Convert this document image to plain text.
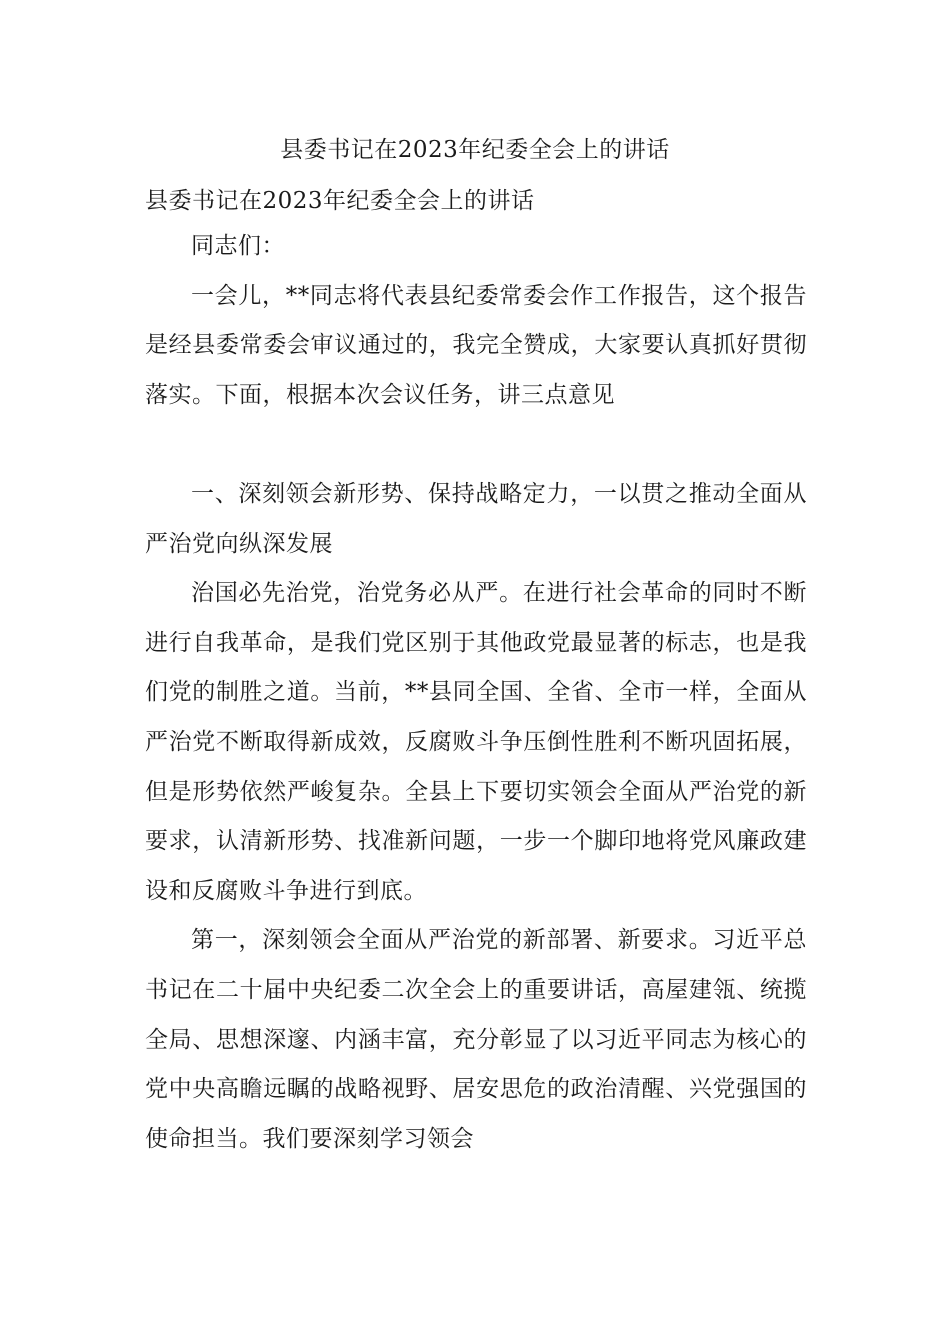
县委书记在2023年纪委全会上的讲话

县委书记在2023年纪委全会上的讲话

同志们：

一会儿，**同志将代表县纪委常委会作工作报告，这个报告是经县委常委会审议通过的，我完全赞成，大家要认真抓好贯彻落实。下面，根据本次会议任务，讲三点意见

一、深刻领会新形势、保持战略定力，一以贯之推动全面从严治党向纵深发展

治国必先治党，治党务必从严。在进行社会革命的同时不断进行自我革命，是我们党区别于其他政党最显著的标志，也是我们党的制胜之道。当前，**县同全国、全省、全市一样，全面从严治党不断取得新成效，反腐败斗争压倒性胜利不断巩固拓展，但是形势依然严峻复杂。全县上下要切实领会全面从严治党的新要求，认清新形势、找准新问题，一步一个脚印地将党风廉政建设和反腐败斗争进行到底。

第一，深刻领会全面从严治党的新部署、新要求。习近平总书记在二十届中央纪委二次全会上的重要讲话，高屋建瓴、统揽全局、思想深邃、内涵丰富，充分彰显了以习近平同志为核心的党中央高瞻远瞩的战略视野、居安思危的政治清醒、兴党强国的使命担当。我们要深刻学习领会
